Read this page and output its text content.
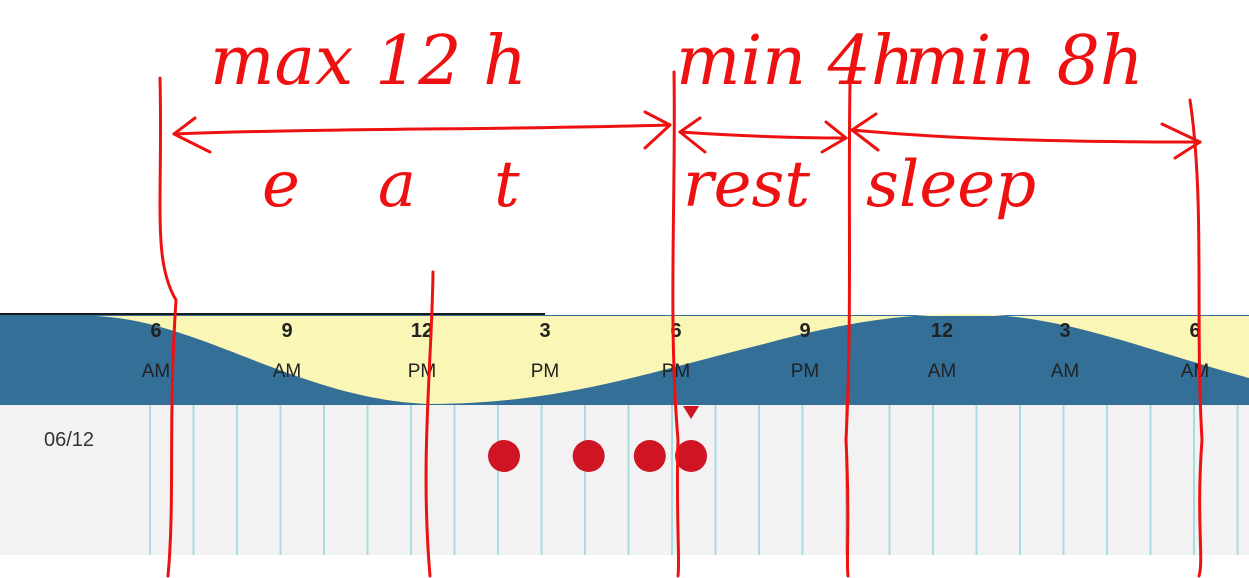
06/12
6
AM
9
AM
12
PM
3
PM
6
PM
9
PM
12
AM
3
AM
6
AM
max 12 h min 4h
min 8h
eat rest sleep
